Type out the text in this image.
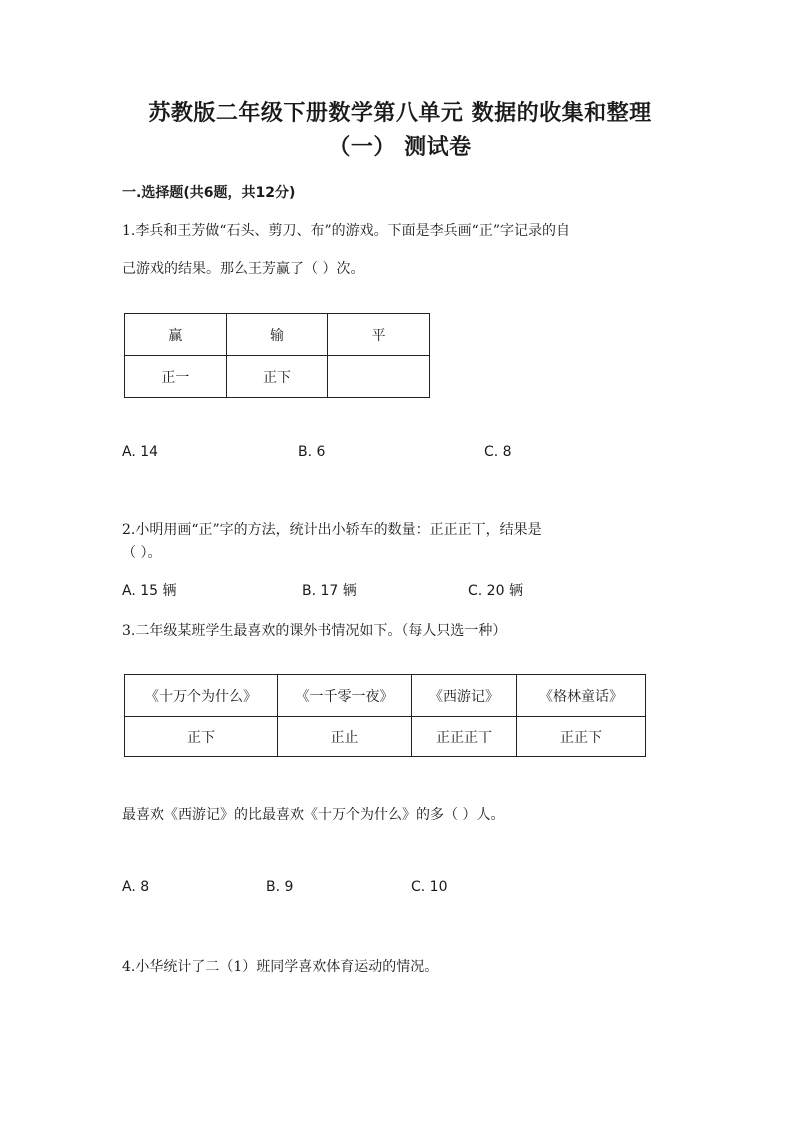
苏教版二年级下册数学第八单元 数据的收集和整理
（一） 测试卷
一.选择题(共6题，共12分)
1.李兵和王芳做“石头、剪刀、布”的游戏。下面是李兵画“正”字记录的自
己游戏的结果。那么王芳赢了（ ）次。
赢	输	平
正一	正下	
A. 14	B. 6	C. 8
2.小明用画“正”字的方法，统计出小轿车的数量：正正正丅，结果是
（ ）。
A. 15 辆	B. 17 辆	C. 20 辆
3.二年级某班学生最喜欢的课外书情况如下。（每人只选一种）
《十万个为什么》	《一千零一夜》	《西游记》	《格林童话》
正下	正止	正正正丅	正正下
最喜欢《西游记》的比最喜欢《十万个为什么》的多（ ）人。
A. 8	B. 9	C. 10
4.小华统计了二（1）班同学喜欢体育运动的情况。
